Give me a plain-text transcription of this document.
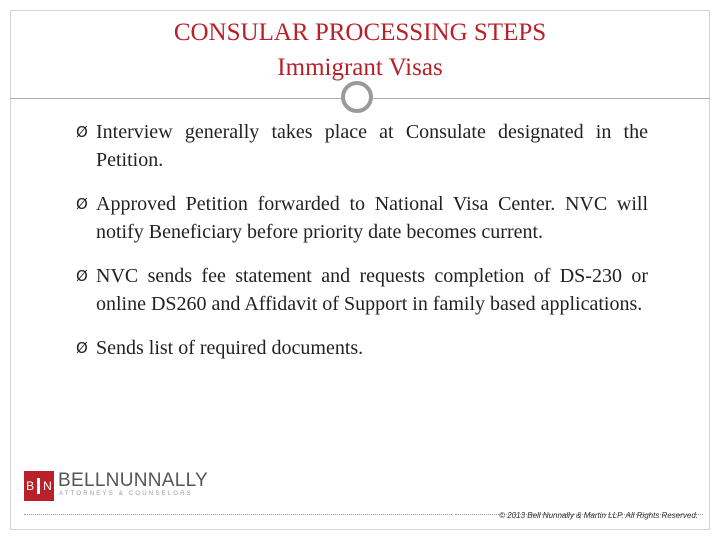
CONSULAR PROCESSING STEPS
Immigrant Visas
Ø Interview generally takes place at Consulate designated in the Petition.
Ø Approved Petition forwarded to National Visa Center. NVC will notify Beneficiary before priority date becomes current.
Ø NVC sends fee statement and requests completion of DS-230 or online DS260 and Affidavit of Support in family based applications.
Ø Sends list of required documents.
B N BELLNUNNALLY
ATTORNEYS & COUNSELORS
© 2013 Bell Nunnally & Martin LLP. All Rights Reserved.
